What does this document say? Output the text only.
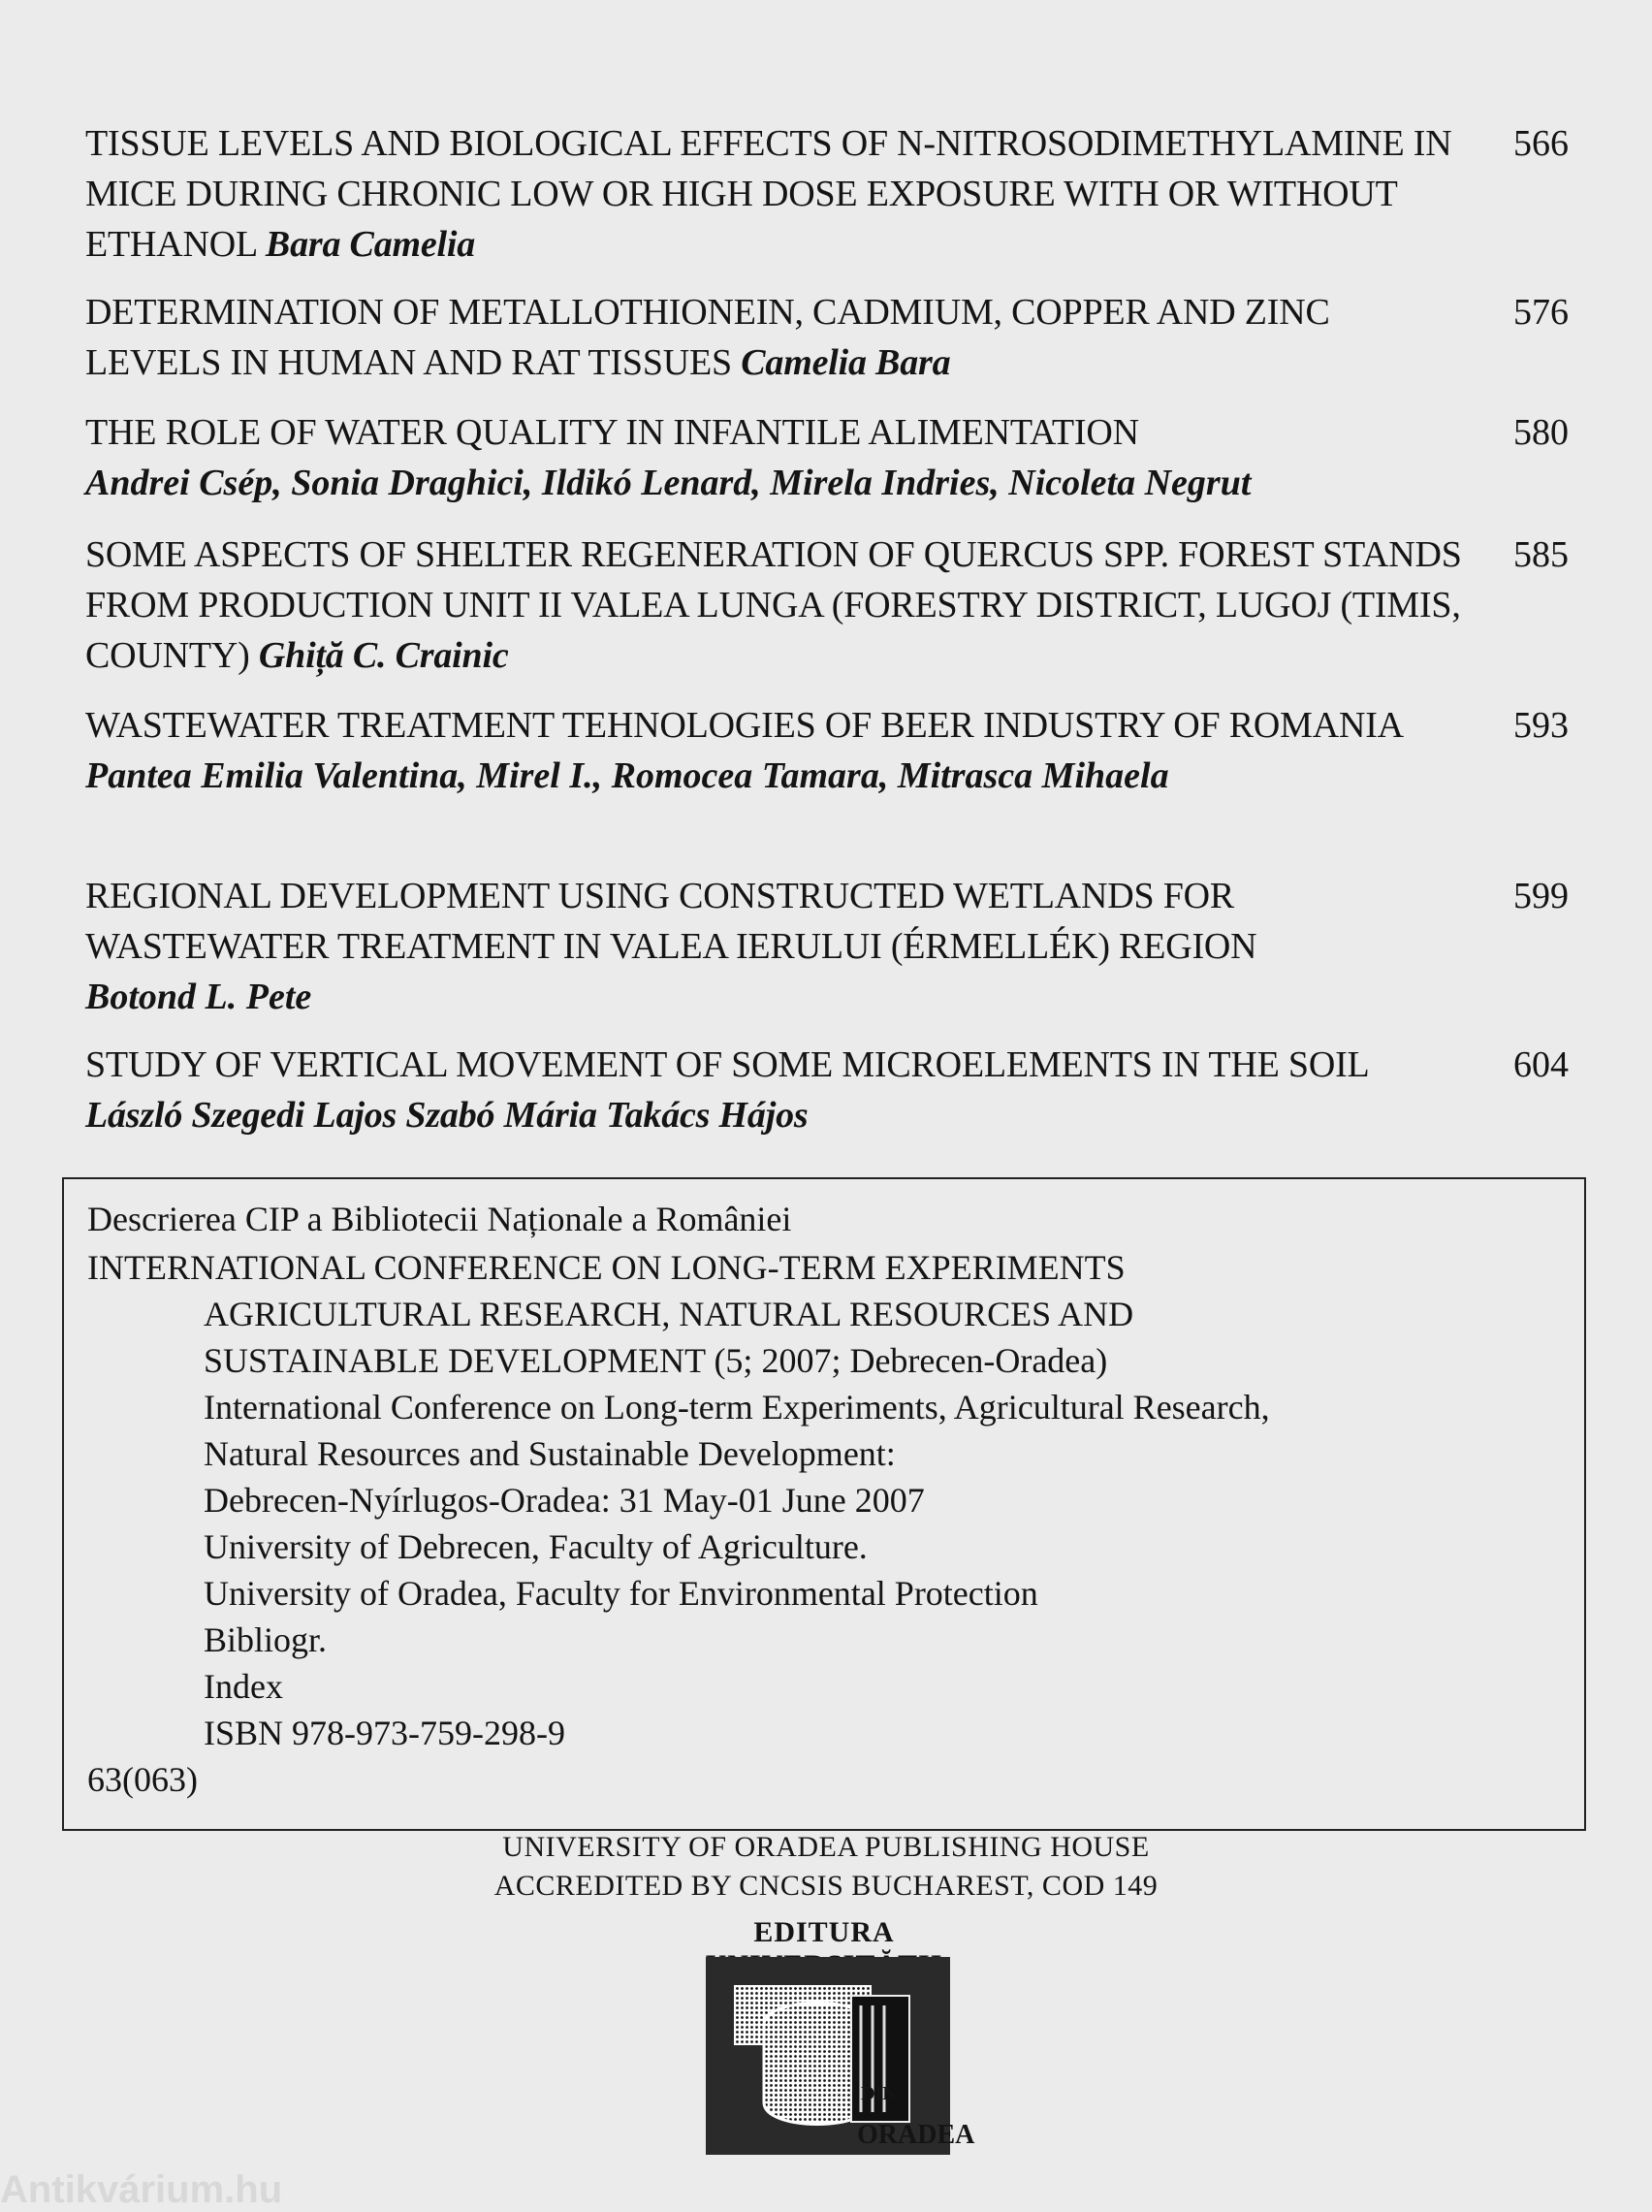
TISSUE LEVELS AND BIOLOGICAL EFFECTS OF N-NITROSODIMETHYLAMINE IN MICE DURING CHRONIC LOW OR HIGH DOSE EXPOSURE WITH OR WITHOUT ETHANOL Bara Camelia
566
DETERMINATION OF METALLOTHIONEIN, CADMIUM, COPPER AND ZINC LEVELS IN HUMAN AND RAT TISSUES Camelia Bara
576
THE ROLE OF WATER QUALITY IN INFANTILE ALIMENTATION
Andrei Csép, Sonia Draghici, Ildikó Lenard, Mirela Indries, Nicoleta Negrut
580
SOME ASPECTS OF SHELTER REGENERATION OF QUERCUS SPP. FOREST STANDS FROM PRODUCTION UNIT II VALEA LUNGA (FORESTRY DISTRICT, LUGOJ (TIMIS, COUNTY) Ghiță C. Crainic
585
WASTEWATER TREATMENT TEHNOLOGIES OF BEER INDUSTRY OF ROMANIA
Pantea Emilia Valentina, Mirel I., Romocea Tamara, Mitrasca Mihaela
593
REGIONAL DEVELOPMENT USING CONSTRUCTED WETLANDS FOR WASTEWATER TREATMENT IN VALEA IERULUI (ÉRMELLÉK) REGION
Botond L. Pete
599
STUDY OF VERTICAL MOVEMENT OF SOME MICROELEMENTS IN THE SOIL László Szegedi Lajos Szabó Mária Takács Hájos
604
Descrierea CIP a Bibliotecii Naționale a României
INTERNATIONAL CONFERENCE ON LONG-TERM EXPERIMENTS
AGRICULTURAL RESEARCH, NATURAL RESOURCES AND
SUSTAINABLE DEVELOPMENT (5; 2007; Debrecen-Oradea)
International Conference on Long-term Experiments, Agricultural Research,
Natural Resources and Sustainable Development:
Debrecen-Nyírlugos-Oradea: 31 May-01 June 2007
University of Debrecen, Faculty of Agriculture.
University of Oradea, Faculty for Environmental Protection
Bibliogr.
Index
ISBN 978-973-759-298-9
63(063)
UNIVERSITY OF ORADEA PUBLISHING HOUSE
ACCREDITED BY CNCSIS BUCHAREST, COD 149
EDITURA
DIN
ORADEA
Antikvárium.hu
